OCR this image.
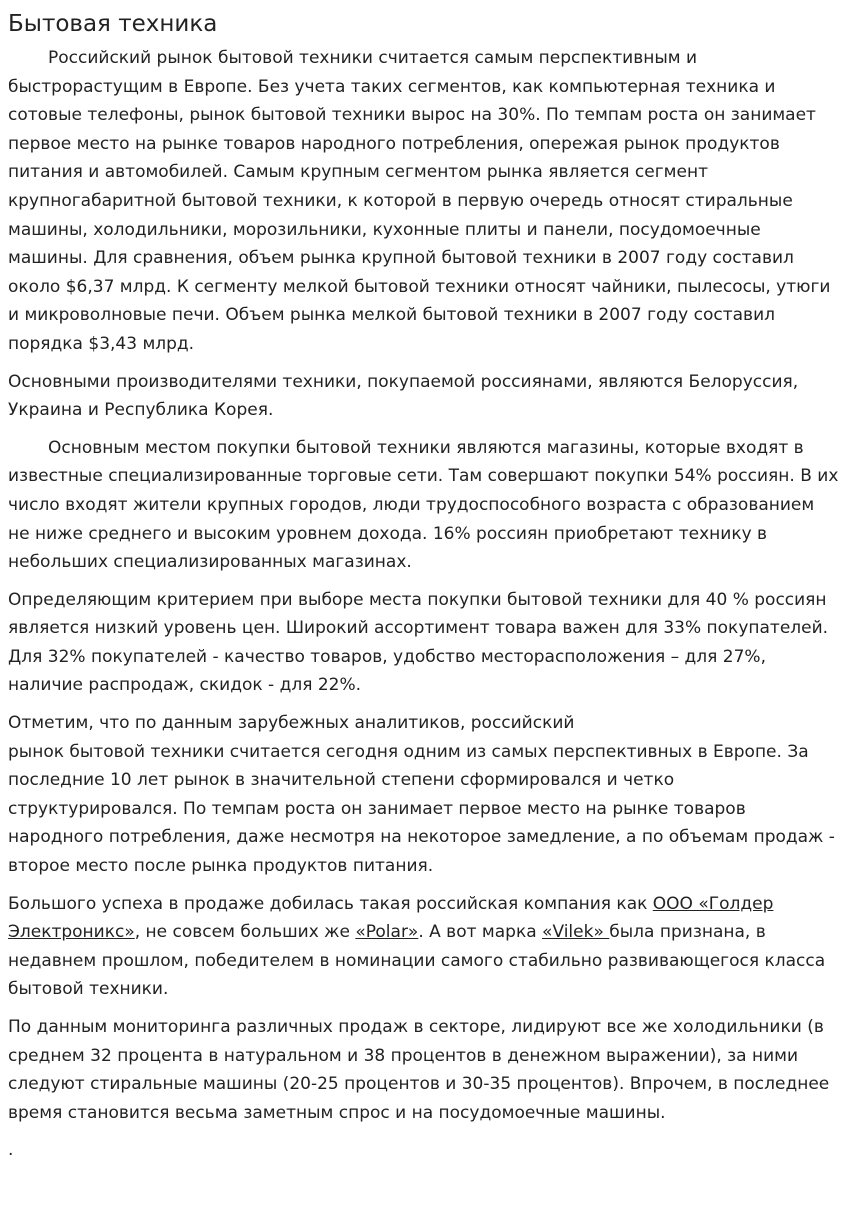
Бытовая техника

Российский рынок бытовой техники считается самым перспективным и быстрорастущим в Европе. Без учета таких сегментов, как компьютерная техника и сотовые телефоны, рынок бытовой техники вырос на 30%. По темпам роста он занимает первое место на рынке товаров народного потребления, опережая рынок продуктов питания и автомобилей. Самым крупным сегментом рынка является сегмент крупногабаритной бытовой техники, к которой в первую очередь относят стиральные машины, холодильники, морозильники, кухонные плиты и панели, посудомоечные машины. Для сравнения, объем рынка крупной бытовой техники в 2007 году составил около $6,37 млрд. К сегменту мелкой бытовой техники относят чайники, пылесосы, утюги и микроволновые печи. Объем рынка мелкой бытовой техники в 2007 году составил порядка $3,43 млрд.

Основными производителями техники, покупаемой россиянами, являются Белоруссия, Украина и Республика Корея.

Основным местом покупки бытовой техники являются магазины, которые входят в известные специализированные торговые сети. Там совершают покупки 54% россиян. В их число входят жители крупных городов, люди трудоспособного возраста с образованием не ниже среднего и высоким уровнем дохода. 16% россиян приобретают технику в небольших специализированных магазинах.

Определяющим критерием при выборе места покупки бытовой техники для 40 % россиян является низкий уровень цен. Широкий ассортимент товара важен для 33% покупателей. Для 32% покупателей - качество товаров, удобство месторасположения – для 27%, наличие распродаж, скидок - для 22%.

Отметим, что по данным зарубежных аналитиков, российский
рынок бытовой техники считается сегодня одним из самых перспективных в Европе. За последние 10 лет рынок в значительной степени сформировался и четко структурировался. По темпам роста он занимает первое место на рынке товаров народного потребления, даже несмотря на некоторое замедление, а по объемам продаж - второе место после рынка продуктов питания.

Большого успеха в продаже добилась такая российская компания как ООО «Голдер Электроникс», не совсем больших же «Polar». А вот марка «Vilek» была признана, в недавнем прошлом, победителем в номинации самого стабильно развивающегося класса бытовой техники.

По данным мониторинга различных продаж в секторе, лидируют все же холодильники (в среднем 32 процента в натуральном и 38 процентов в денежном выражении), за ними следуют стиральные машины (20-25 процентов и 30-35 процентов). Впрочем, в последнее время становится весьма заметным спрос и на посудомоечные машины.

.
